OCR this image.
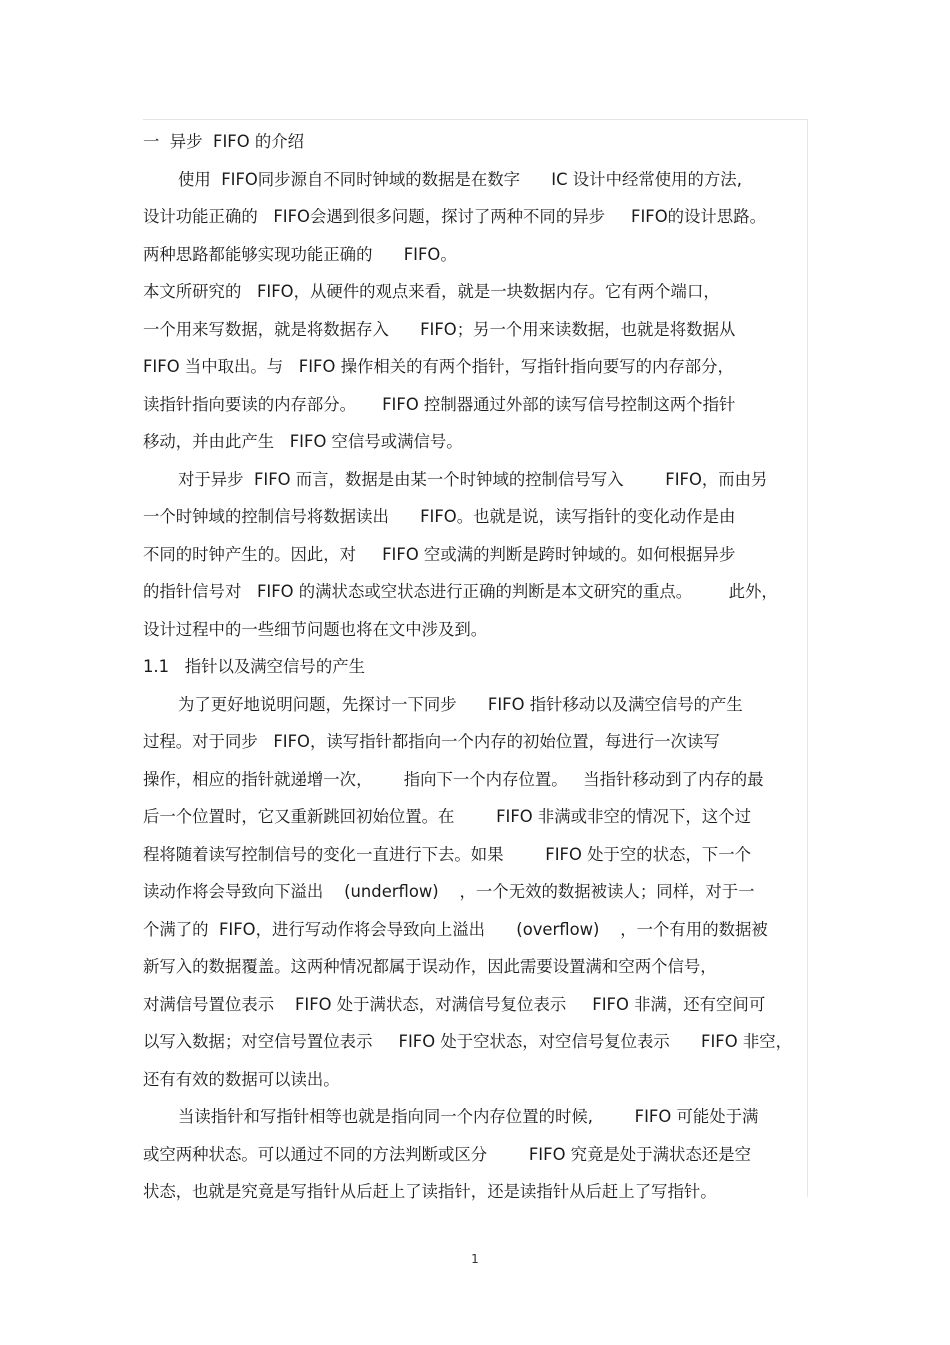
一  异步  FIFO 的介绍
使用  FIFO同步源自不同时钟域的数据是在数字      IC 设计中经常使用的方法,
设计功能正确的   FIFO会遇到很多问题，探讨了两种不同的异步     FIFO的设计思路。
两种思路都能够实现功能正确的      FIFO。
本文所研究的   FIFO，从硬件的观点来看，就是一块数据内存。它有两个端口，
一个用来写数据，就是将数据存入      FIFO；另一个用来读数据，也就是将数据从
FIFO 当中取出。与   FIFO 操作相关的有两个指针，写指针指向要写的内存部分，
读指针指向要读的内存部分。     FIFO 控制器通过外部的读写信号控制这两个指针
移动，并由此产生   FIFO 空信号或满信号。
对于异步  FIFO 而言，数据是由某一个时钟域的控制信号写入        FIFO，而由另
一个时钟域的控制信号将数据读出      FIFO。也就是说，读写指针的变化动作是由
不同的时钟产生的。因此，对     FIFO 空或满的判断是跨时钟域的。如何根据异步
的指针信号对   FIFO 的满状态或空状态进行正确的判断是本文研究的重点。       此外，
设计过程中的一些细节问题也将在文中涉及到。
1.1   指针以及满空信号的产生
为了更好地说明问题，先探讨一下同步      FIFO 指针移动以及满空信号的产生
过程。对于同步   FIFO，读写指针都指向一个内存的初始位置，每进行一次读写
操作，相应的指针就递增一次，      指向下一个内存位置。   当指针移动到了内存的最
后一个位置时，它又重新跳回初始位置。在        FIFO 非满或非空的情况下，这个过
程将随着读写控制信号的变化一直进行下去。如果        FIFO 处于空的状态，下一个
读动作将会导致向下溢出    (underflow)    ，一个无效的数据被读人；同样，对于一
个满了的  FIFO，进行写动作将会导致向上溢出      (overflow)    ，一个有用的数据被
新写入的数据覆盖。这两种情况都属于误动作，因此需要设置满和空两个信号，
对满信号置位表示    FIFO 处于满状态，对满信号复位表示     FIFO 非满，还有空间可
以写入数据；对空信号置位表示     FIFO 处于空状态，对空信号复位表示      FIFO 非空，
还有有效的数据可以读出。
当读指针和写指针相等也就是指向同一个内存位置的时候,        FIFO 可能处于满
或空两种状态。可以通过不同的方法判断或区分        FIFO 究竟是处于满状态还是空
状态，也就是究竟是写指针从后赶上了读指针，还是读指针从后赶上了写指针。
1
